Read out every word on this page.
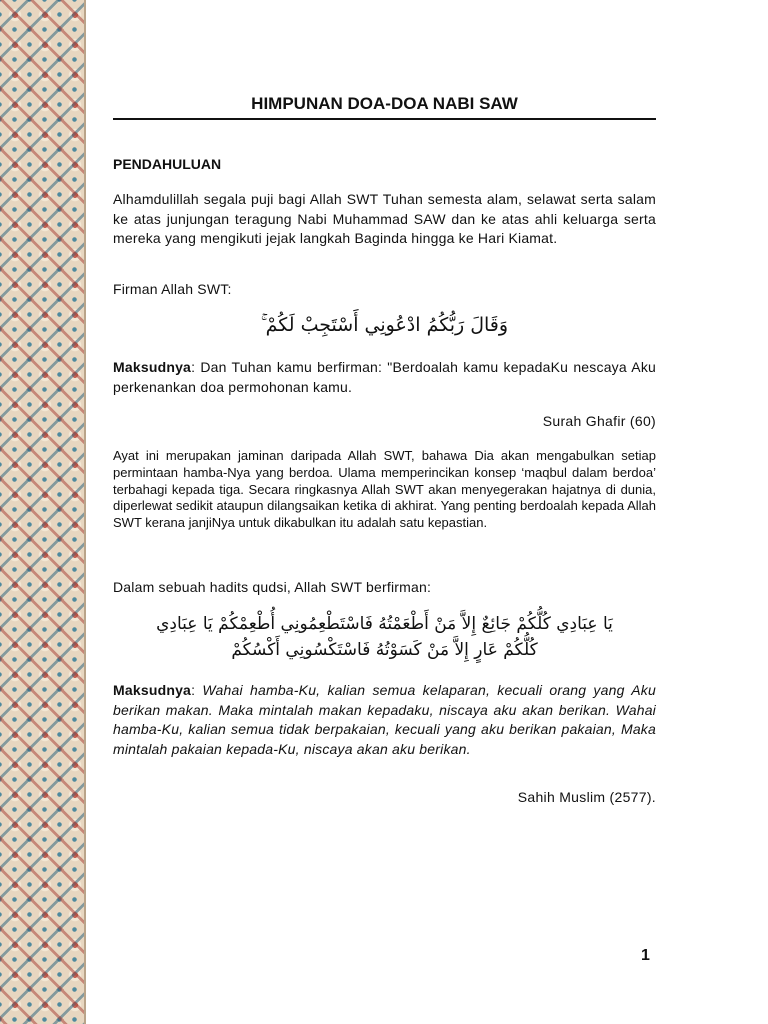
HIMPUNAN DOA-DOA NABI SAW
PENDAHULUAN
Alhamdulillah segala puji bagi Allah SWT Tuhan semesta alam, selawat serta salam ke atas junjungan teragung Nabi Muhammad SAW dan ke atas ahli keluarga serta mereka yang mengikuti jejak langkah Baginda hingga ke Hari Kiamat.
Firman Allah SWT:
وَقَالَ رَبُّكُمُ ادْعُونِي أَسْتَجِبْ لَكُمْ ۚ
Maksudnya: Dan Tuhan kamu berfirman: "Berdoalah kamu kepadaKu nescaya Aku perkenankan doa permohonan kamu.
Surah Ghafir (60)
Ayat ini merupakan jaminan daripada Allah SWT, bahawa Dia akan mengabulkan setiap permintaan hamba-Nya yang berdoa. Ulama memperincikan konsep ‘maqbul dalam berdoa’ terbahagi kepada tiga. Secara ringkasnya Allah SWT akan menyegerakan hajatnya di dunia, diperlewat sedikit ataupun dilangsaikan ketika di akhirat. Yang penting berdoalah kepada Allah SWT kerana janjiNya untuk dikabulkan itu adalah satu kepastian.
Dalam sebuah hadits qudsi, Allah SWT berfirman:
يَا عِبَادِي كُلُّكُمْ جَائِعٌ إِلاَّ مَنْ أَطْعَمْتُهُ فَاسْتَطْعِمُونِي أُطْعِمْكُمْ يَا عِبَادِي
كُلُّكُمْ عَارٍ إِلاَّ مَنْ كَسَوْتُهُ فَاسْتَكْسُونِي أَكْسُكُمْ
Maksudnya: Wahai hamba-Ku, kalian semua kelaparan, kecuali orang yang Aku berikan makan. Maka mintalah makan kepadaku, niscaya aku akan berikan. Wahai hamba-Ku, kalian semua tidak berpakaian, kecuali yang aku berikan pakaian, Maka mintalah pakaian kepada-Ku, niscaya akan aku berikan.
Sahih Muslim (2577).
1
